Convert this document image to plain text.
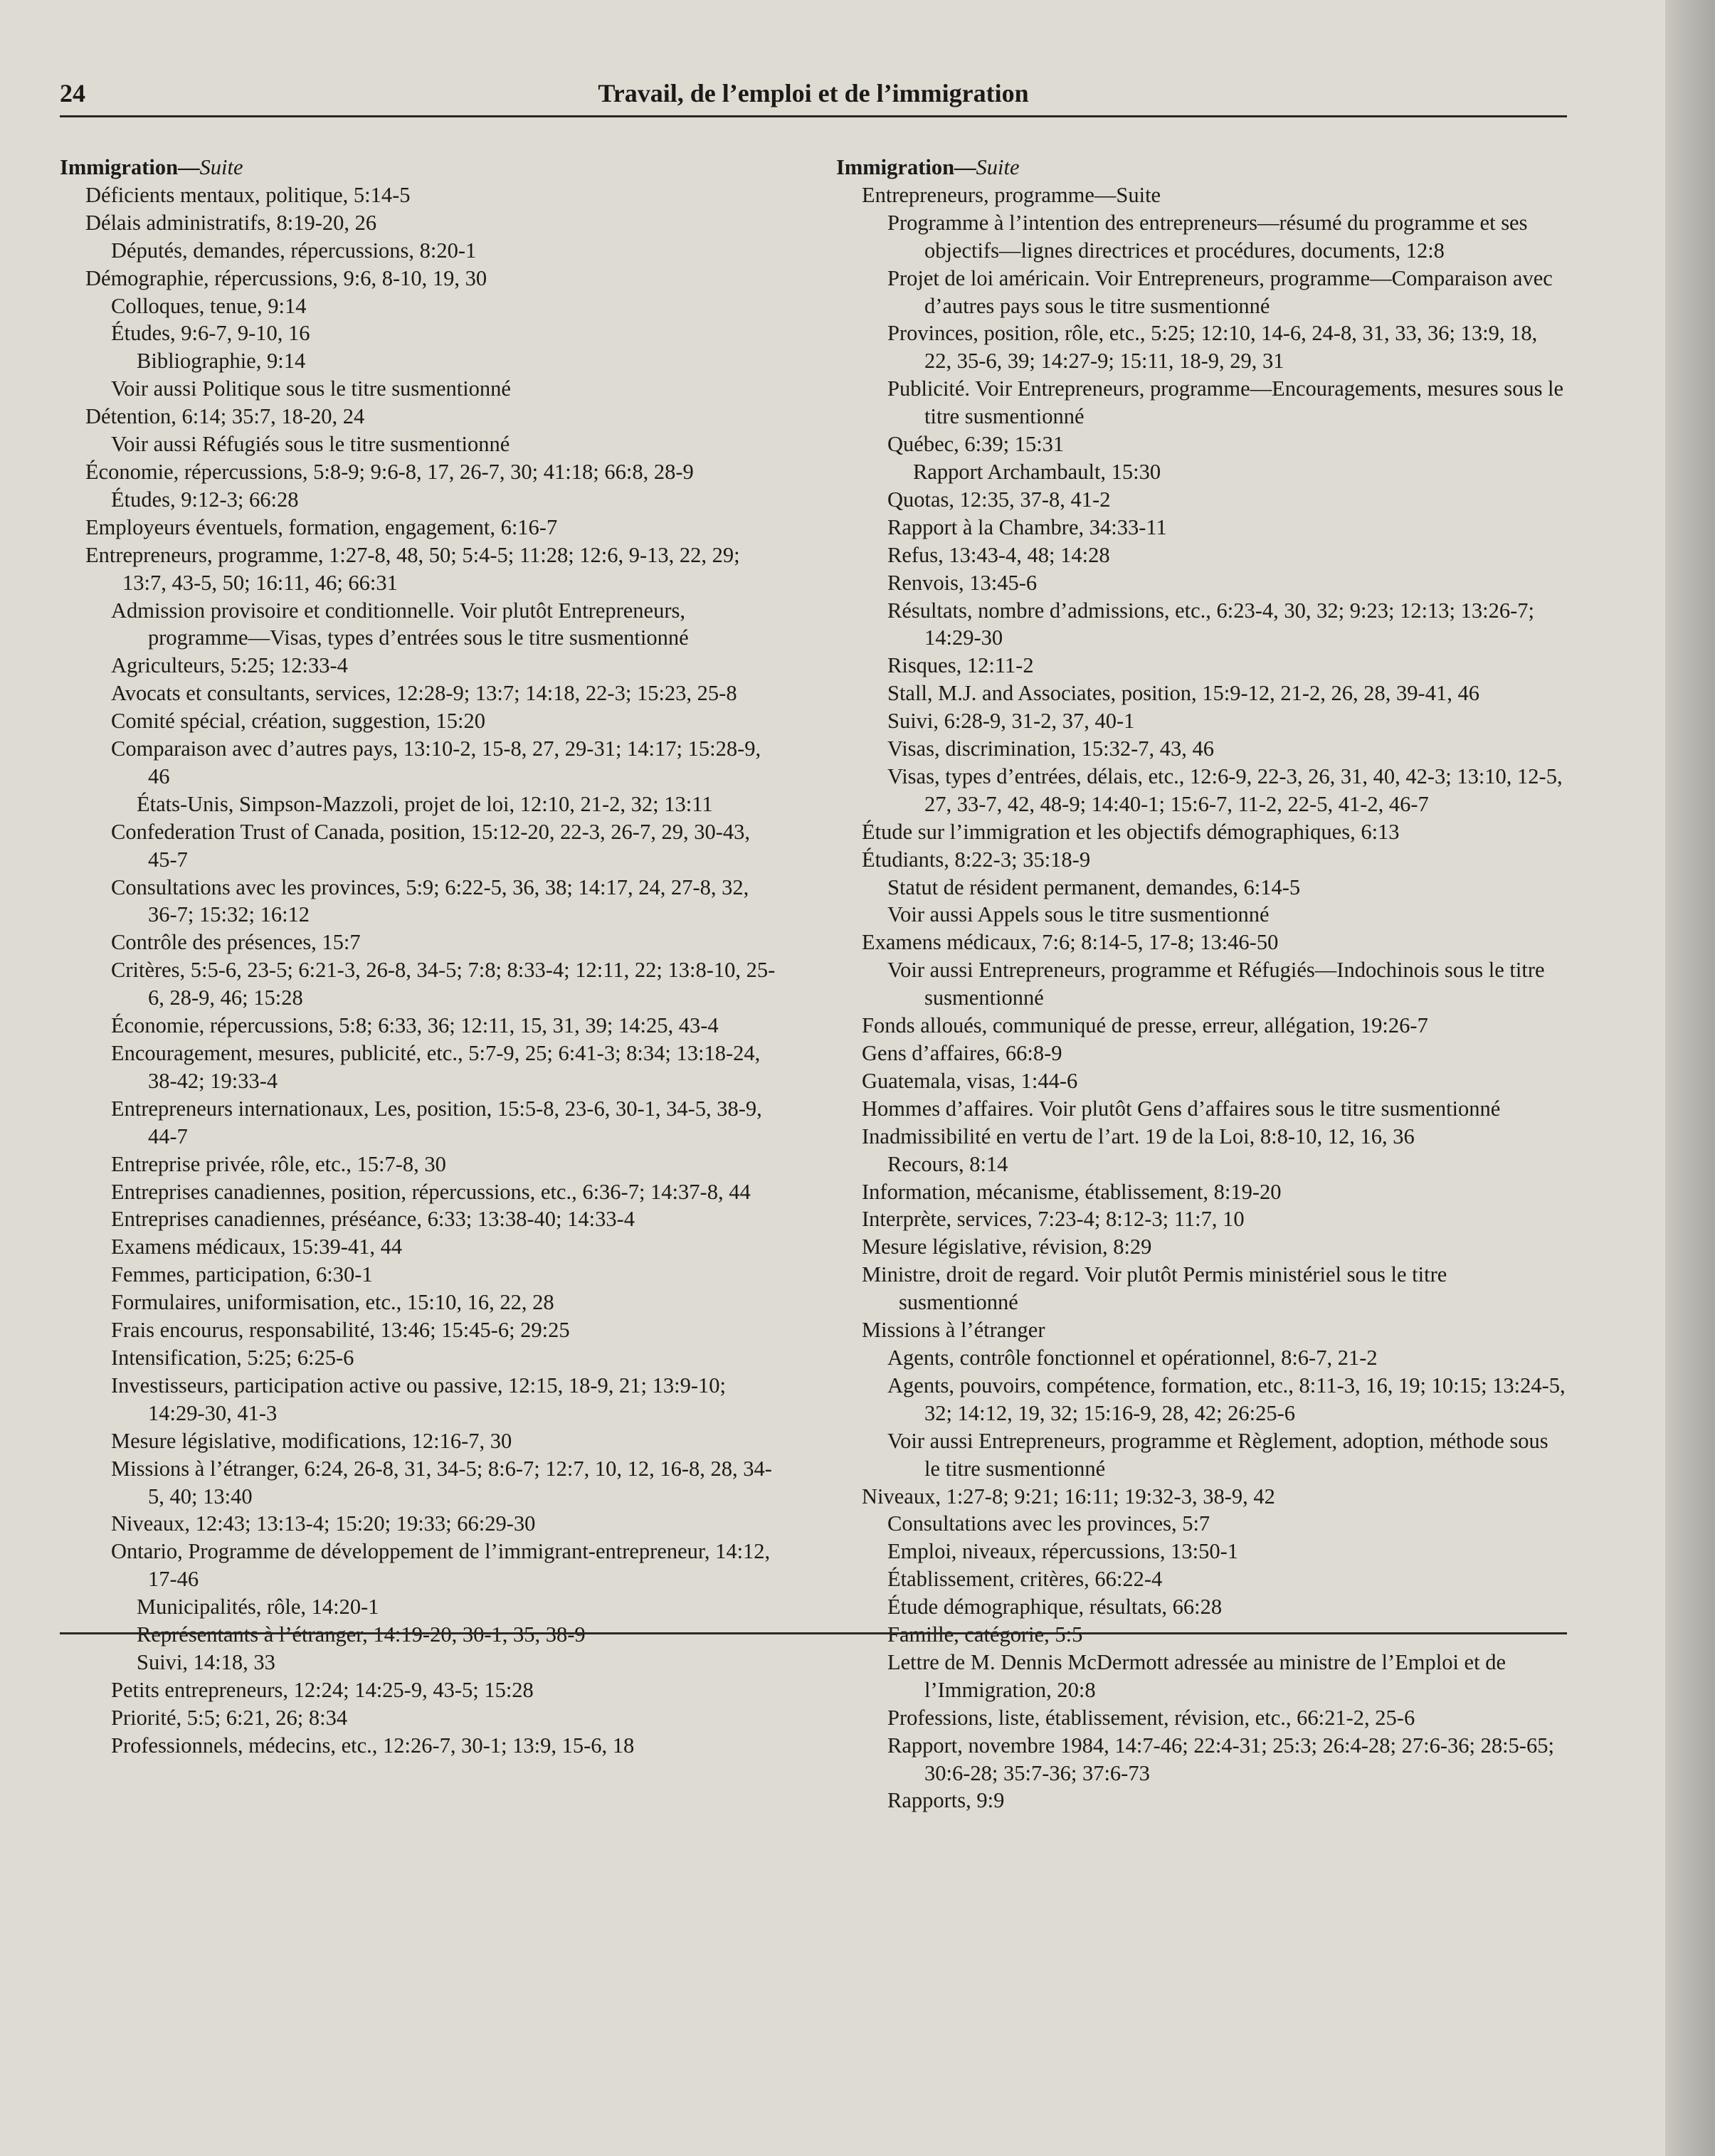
24	Travail, de l’emploi et de l’immigration
Immigration—Suite
Déficients mentaux, politique, 5:14-5
Délais administratifs, 8:19-20, 26
Députés, demandes, répercussions, 8:20-1
Démographie, répercussions, 9:6, 8-10, 19, 30
Colloques, tenue, 9:14
Études, 9:6-7, 9-10, 16
Bibliographie, 9:14
Voir aussi Politique sous le titre susmentionné
Détention, 6:14; 35:7, 18-20, 24
Voir aussi Réfugiés sous le titre susmentionné
Économie, répercussions, 5:8-9; 9:6-8, 17, 26-7, 30; 41:18; 66:8, 28-9
Études, 9:12-3; 66:28
Employeurs éventuels, formation, engagement, 6:16-7
Entrepreneurs, programme, 1:27-8, 48, 50; 5:4-5; 11:28; 12:6, 9-13, 22, 29; 13:7, 43-5, 50; 16:11, 46; 66:31
Admission provisoire et conditionnelle. Voir plutôt Entrepreneurs, programme—Visas, types d’entrées sous le titre susmentionné
Agriculteurs, 5:25; 12:33-4
Avocats et consultants, services, 12:28-9; 13:7; 14:18, 22-3; 15:23, 25-8
Comité spécial, création, suggestion, 15:20
Comparaison avec d’autres pays, 13:10-2, 15-8, 27, 29-31; 14:17; 15:28-9, 46
États-Unis, Simpson-Mazzoli, projet de loi, 12:10, 21-2, 32; 13:11
Confederation Trust of Canada, position, 15:12-20, 22-3, 26-7, 29, 30-43, 45-7
Consultations avec les provinces, 5:9; 6:22-5, 36, 38; 14:17, 24, 27-8, 32, 36-7; 15:32; 16:12
Contrôle des présences, 15:7
Critères, 5:5-6, 23-5; 6:21-3, 26-8, 34-5; 7:8; 8:33-4; 12:11, 22; 13:8-10, 25-6, 28-9, 46; 15:28
Économie, répercussions, 5:8; 6:33, 36; 12:11, 15, 31, 39; 14:25, 43-4
Encouragement, mesures, publicité, etc., 5:7-9, 25; 6:41-3; 8:34; 13:18-24, 38-42; 19:33-4
Entrepreneurs internationaux, Les, position, 15:5-8, 23-6, 30-1, 34-5, 38-9, 44-7
Entreprise privée, rôle, etc., 15:7-8, 30
Entreprises canadiennes, position, répercussions, etc., 6:36-7; 14:37-8, 44
Entreprises canadiennes, préséance, 6:33; 13:38-40; 14:33-4
Examens médicaux, 15:39-41, 44
Femmes, participation, 6:30-1
Formulaires, uniformisation, etc., 15:10, 16, 22, 28
Frais encourus, responsabilité, 13:46; 15:45-6; 29:25
Intensification, 5:25; 6:25-6
Investisseurs, participation active ou passive, 12:15, 18-9, 21; 13:9-10; 14:29-30, 41-3
Mesure législative, modifications, 12:16-7, 30
Missions à l’étranger, 6:24, 26-8, 31, 34-5; 8:6-7; 12:7, 10, 12, 16-8, 28, 34-5, 40; 13:40
Niveaux, 12:43; 13:13-4; 15:20; 19:33; 66:29-30
Ontario, Programme de développement de l’immigrant-entrepreneur, 14:12, 17-46
Municipalités, rôle, 14:20-1
Représentants à l’étranger, 14:19-20, 30-1, 35, 38-9
Suivi, 14:18, 33
Petits entrepreneurs, 12:24; 14:25-9, 43-5; 15:28
Priorité, 5:5; 6:21, 26; 8:34
Professionnels, médecins, etc., 12:26-7, 30-1; 13:9, 15-6, 18
Immigration—Suite
Entrepreneurs, programme—Suite
Programme à l’intention des entrepreneurs—résumé du programme et ses objectifs—lignes directrices et procédures, documents, 12:8
Projet de loi américain. Voir Entrepreneurs, programme—Comparaison avec d’autres pays sous le titre susmentionné
Provinces, position, rôle, etc., 5:25; 12:10, 14-6, 24-8, 31, 33, 36; 13:9, 18, 22, 35-6, 39; 14:27-9; 15:11, 18-9, 29, 31
Publicité. Voir Entrepreneurs, programme—Encouragements, mesures sous le titre susmentionné
Québec, 6:39; 15:31
Rapport Archambault, 15:30
Quotas, 12:35, 37-8, 41-2
Rapport à la Chambre, 34:33-11
Refus, 13:43-4, 48; 14:28
Renvois, 13:45-6
Résultats, nombre d’admissions, etc., 6:23-4, 30, 32; 9:23; 12:13; 13:26-7; 14:29-30
Risques, 12:11-2
Stall, M.J. and Associates, position, 15:9-12, 21-2, 26, 28, 39-41, 46
Suivi, 6:28-9, 31-2, 37, 40-1
Visas, discrimination, 15:32-7, 43, 46
Visas, types d’entrées, délais, etc., 12:6-9, 22-3, 26, 31, 40, 42-3; 13:10, 12-5, 27, 33-7, 42, 48-9; 14:40-1; 15:6-7, 11-2, 22-5, 41-2, 46-7
Étude sur l’immigration et les objectifs démographiques, 6:13
Étudiants, 8:22-3; 35:18-9
Statut de résident permanent, demandes, 6:14-5
Voir aussi Appels sous le titre susmentionné
Examens médicaux, 7:6; 8:14-5, 17-8; 13:46-50
Voir aussi Entrepreneurs, programme et Réfugiés—Indochinois sous le titre susmentionné
Fonds alloués, communiqué de presse, erreur, allégation, 19:26-7
Gens d’affaires, 66:8-9
Guatemala, visas, 1:44-6
Hommes d’affaires. Voir plutôt Gens d’affaires sous le titre susmentionné
Inadmissibilité en vertu de l’art. 19 de la Loi, 8:8-10, 12, 16, 36
Recours, 8:14
Information, mécanisme, établissement, 8:19-20
Interprète, services, 7:23-4; 8:12-3; 11:7, 10
Mesure législative, révision, 8:29
Ministre, droit de regard. Voir plutôt Permis ministériel sous le titre susmentionné
Missions à l’étranger
Agents, contrôle fonctionnel et opérationnel, 8:6-7, 21-2
Agents, pouvoirs, compétence, formation, etc., 8:11-3, 16, 19; 10:15; 13:24-5, 32; 14:12, 19, 32; 15:16-9, 28, 42; 26:25-6
Voir aussi Entrepreneurs, programme et Règlement, adoption, méthode sous le titre susmentionné
Niveaux, 1:27-8; 9:21; 16:11; 19:32-3, 38-9, 42
Consultations avec les provinces, 5:7
Emploi, niveaux, répercussions, 13:50-1
Établissement, critères, 66:22-4
Étude démographique, résultats, 66:28
Famille, catégorie, 5:5
Lettre de M. Dennis McDermott adressée au ministre de l’Emploi et de l’Immigration, 20:8
Professions, liste, établissement, révision, etc., 66:21-2, 25-6
Rapport, novembre 1984, 14:7-46; 22:4-31; 25:3; 26:4-28; 27:6-36; 28:5-65; 30:6-28; 35:7-36; 37:6-73
Rapports, 9:9
